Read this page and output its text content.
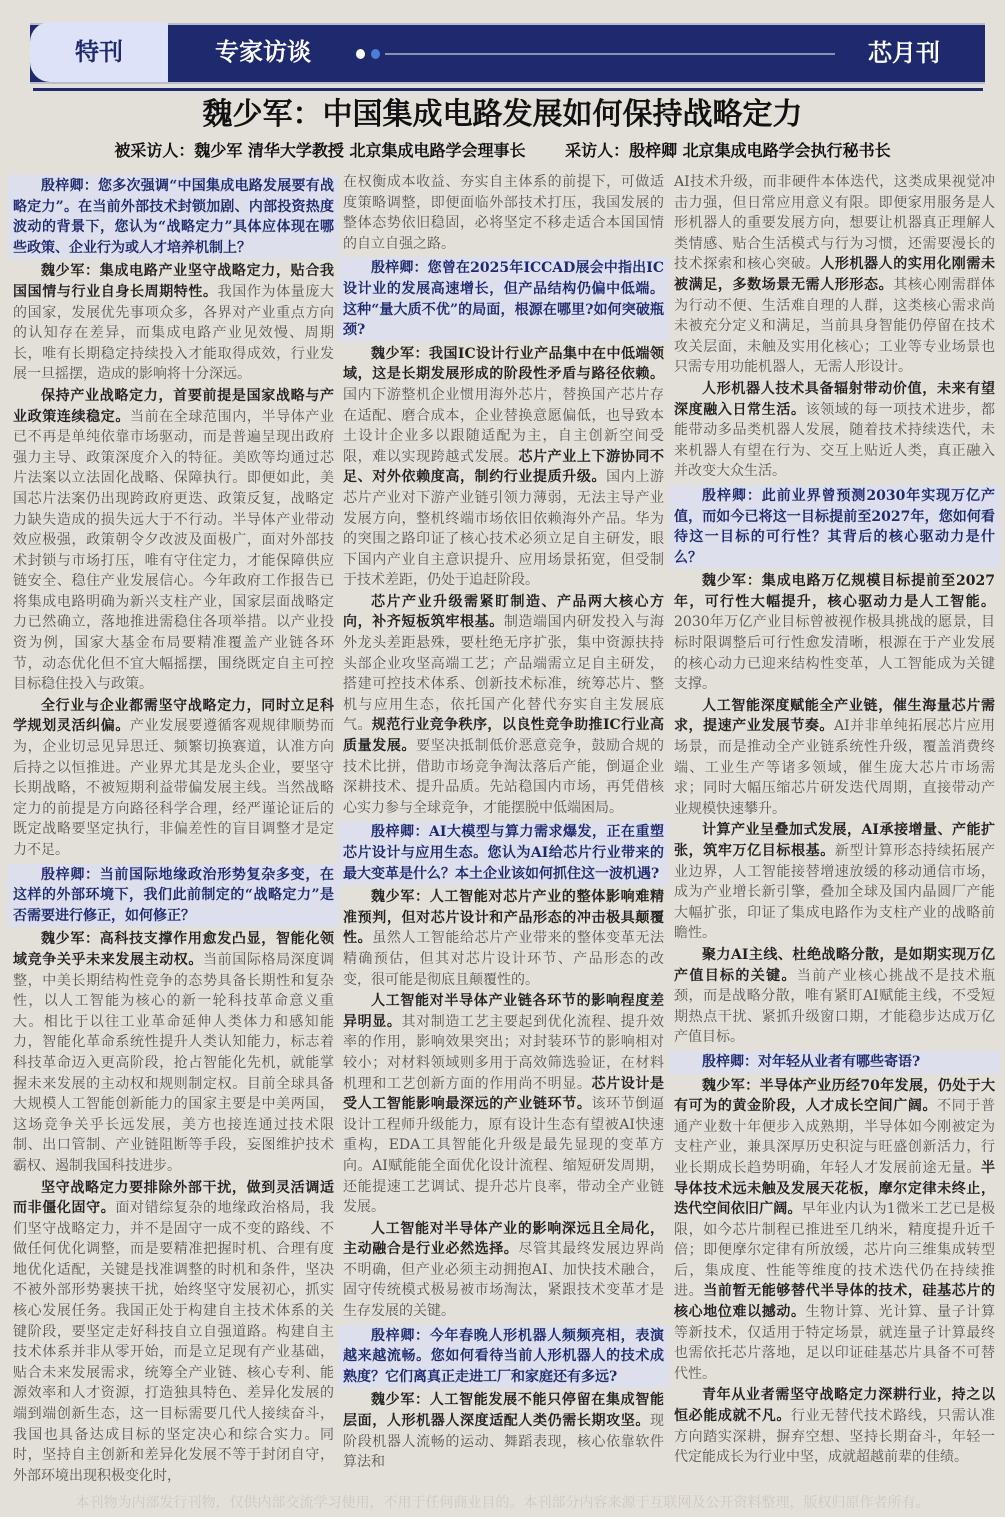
特刊	专家访谈	芯月刊
魏少军：中国集成电路发展如何保持战略定力
被采访人：魏少军 清华大学教授 北京集成电路学会理事长 采访人：殷梓卿 北京集成电路学会执行秘书长

殷梓卿：您多次强调“中国集成电路发展要有战略定力”。在当前外部技术封锁加剧、内部投资热度波动的背景下，您认为“战略定力”具体应体现在哪些政策、企业行为或人才培养机制上？

魏少军：集成电路产业坚守战略定力，贴合我国国情与行业自身长周期特性。我国作为体量庞大的国家，发展优先事项众多，各界对产业重点方向的认知存在差异，而集成电路产业见效慢、周期长，唯有长期稳定持续投入才能取得成效，行业发展一旦摇摆，造成的影响将十分深远。

保持产业战略定力，首要前提是国家战略与产业政策连续稳定。当前在全球范围内，半导体产业已不再是单纯依靠市场驱动，而是普遍呈现出政府强力主导、政策深度介入的特征。美欧等均通过芯片法案以立法固化战略、保障执行。即便如此，美国芯片法案仍出现跨政府更迭、政策反复，战略定力缺失造成的损失远大于不行动。半导体产业带动效应极强，政策朝令夕改波及面极广，面对外部技术封锁与市场打压，唯有守住定力，才能保障供应链安全、稳住产业发展信心。今年政府工作报告已将集成电路明确为新兴支柱产业，国家层面战略定力已然确立，落地推进需稳住各项举措。以产业投资为例，国家大基金布局要精准覆盖产业链各环节，动态优化但不宜大幅摇摆，围绕既定自主可控目标稳住投入与政策。

全行业与企业都需坚守战略定力，同时立足科学规划灵活纠偏。产业发展要遵循客观规律顺势而为，企业切忌见异思迁、频繁切换赛道，认准方向后持之以恒推进。产业界尤其是龙头企业，要坚守长期战略，不被短期利益带偏发展主线。当然战略定力的前提是方向路径科学合理，经严谨论证后的既定战略要坚定执行，非偏差性的盲目调整才是定力不足。

殷梓卿：当前国际地缘政治形势复杂多变，在这样的外部环境下，我们此前制定的“战略定力”是否需要进行修正，如何修正？

魏少军：高科技支撑作用愈发凸显，智能化领域竞争关乎未来发展主动权。当前国际格局深度调整，中美长期结构性竞争的态势具备长期性和复杂性，以人工智能为核心的新一轮科技革命意义重大。相比于以往工业革命延伸人类体力和感知能力，智能化革命系统性提升人类认知能力，标志着科技革命迈入更高阶段，抢占智能化先机，就能掌握未来发展的主动权和规则制定权。目前全球具备大规模人工智能创新能力的国家主要是中美两国，这场竞争关乎长远发展，美方也接连通过技术限制、出口管制、产业链阻断等手段，妄图维护技术霸权、遏制我国科技进步。

坚守战略定力要排除外部干扰，做到灵活调适而非僵化固守。面对错综复杂的地缘政治格局，我们坚守战略定力，并不是固守一成不变的路线、不做任何优化调整，而是要精准把握时机、合理有度地优化适配，关键是找准调整的时机和条件，坚决不被外部形势裹挟干扰，始终坚守发展初心，抓实核心发展任务。我国正处于构建自主技术体系的关键阶段，要坚定走好科技自立自强道路。构建自主技术体系并非从零开始，而是立足现有产业基础，贴合未来发展需求，统筹全产业链、核心专利、能源效率和人才资源，打造独具特色、差异化发展的端到端创新生态，这一目标需要几代人接续奋斗，我国也具备达成目标的坚定决心和综合实力。同时，坚持自主创新和差异化发展不等于封闭自守，外部环境出现积极变化时，

在权衡成本收益、夯实自主体系的前提下，可做适度策略调整，即便面临外部技术打压，我国发展的整体态势依旧稳固，必将坚定不移走适合本国国情的自立自强之路。

殷梓卿：您曾在2025年ICCAD展会中指出IC设计业的发展高速增长，但产品结构仍偏中低端。这种“量大质不优”的局面，根源在哪里?如何突破瓶颈?

魏少军：我国IC设计行业产品集中在中低端领域，这是长期发展形成的阶段性矛盾与路径依赖。国内下游整机企业惯用海外芯片，替换国产芯片存在适配、磨合成本，企业替换意愿偏低，也导致本土设计企业多以跟随适配为主，自主创新空间受限，难以实现跨越式发展。芯片产业上下游协同不足、对外依赖度高，制约行业提质升级。国内上游芯片产业对下游产业链引领力薄弱，无法主导产业发展方向，整机终端市场依旧依赖海外产品。华为的突围之路印证了核心技术必须立足自主研发，眼下国内产业自主意识提升、应用场景拓宽，但受制于技术差距，仍处于追赶阶段。

芯片产业升级需紧盯制造、产品两大核心方向，补齐短板筑牢根基。制造端国内研发投入与海外龙头差距悬殊，要杜绝无序扩张，集中资源扶持头部企业攻坚高端工艺；产品端需立足自主研发，搭建可控技术体系、创新技术标准，统筹芯片、整机与应用生态，依托国产化替代夯实自主发展底气。规范行业竞争秩序，以良性竞争助推IC行业高质量发展。要坚决抵制低价恶意竞争，鼓励合规的技术比拼，借助市场竞争淘汰落后产能，倒逼企业深耕技术、提升品质。先站稳国内市场，再凭借核心实力参与全球竞争，才能摆脱中低端困局。

殷梓卿：AI大模型与算力需求爆发，正在重塑芯片设计与应用生态。您认为AI给芯片行业带来的最大变革是什么？本土企业该如何抓住这一波机遇?

魏少军：人工智能对芯片产业的整体影响难精准预判，但对芯片设计和产品形态的冲击极具颠覆性。虽然人工智能给芯片产业带来的整体变革无法精确预估，但其对芯片设计环节、产品形态的改变，很可能是彻底且颠覆性的。

人工智能对半导体产业链各环节的影响程度差异明显。其对制造工艺主要起到优化流程、提升效率的作用，影响效果突出；对封装环节的影响相对较小；对材料领域则多用于高效筛选验证，在材料机理和工艺创新方面的作用尚不明显。芯片设计是受人工智能影响最深远的产业链环节。该环节倒逼设计工程师升级能力，原有设计生态有望被AI快速重构，EDA工具智能化升级是最先显现的变革方向。AI赋能能全面优化设计流程、缩短研发周期，还能提速工艺调试、提升芯片良率，带动全产业链发展。

人工智能对半导体产业的影响深远且全局化，主动融合是行业必然选择。尽管其最终发展边界尚不明确，但产业必须主动拥抱AI、加快技术融合，固守传统模式极易被市场淘汰，紧跟技术变革才是生存发展的关键。

殷梓卿：今年春晚人形机器人频频亮相，表演越来越流畅。您如何看待当前人形机器人的技术成熟度？它们离真正走进工厂和家庭还有多远?

魏少军：人工智能发展不能只停留在集成智能层面，人形机器人深度适配人类仍需长期攻坚。现阶段机器人流畅的运动、舞蹈表现，核心依靠软件算法和

AI技术升级，而非硬件本体迭代，这类成果视觉冲击力强，但日常应用意义有限。即便家用服务是人形机器人的重要发展方向，想要让机器真正理解人类情感、贴合生活模式与行为习惯，还需要漫长的技术探索和核心突破。人形机器人的实用化刚需未被满足，多数场景无需人形形态。其核心刚需群体为行动不便、生活难自理的人群，这类核心需求尚未被充分定义和满足，当前具身智能仍停留在技术攻关层面，未触及实用化核心；工业等专业场景也只需专用功能机器人，无需人形设计。

人形机器人技术具备辐射带动价值，未来有望深度融入日常生活。该领域的每一项技术进步，都能带动多品类机器人发展，随着技术持续迭代，未来机器人有望在行为、交互上贴近人类，真正融入并改变大众生活。

殷梓卿：此前业界曾预测2030年实现万亿产值，而如今已将这一目标提前至2027年，您如何看待这一目标的可行性？其背后的核心驱动力是什么？

魏少军：集成电路万亿规模目标提前至2027年，可行性大幅提升，核心驱动力是人工智能。2030年万亿产业目标曾被视作极具挑战的愿景，目标时限调整后可行性愈发清晰，根源在于产业发展的核心动力已迎来结构性变革，人工智能成为关键支撑。

人工智能深度赋能全产业链，催生海量芯片需求，提速产业发展节奏。AI并非单纯拓展芯片应用场景，而是推动全产业链系统性升级，覆盖消费终端、工业生产等诸多领域，催生庞大芯片市场需求；同时大幅压缩芯片研发迭代周期，直接带动产业规模快速攀升。

计算产业呈叠加式发展，AI承接增量、产能扩张，筑牢万亿目标根基。新型计算形态持续拓展产业边界，人工智能接替增速放缓的移动通信市场，成为产业增长新引擎，叠加全球及国内晶圆厂产能大幅扩张，印证了集成电路作为支柱产业的战略前瞻性。

聚力AI主线、杜绝战略分散，是如期实现万亿产值目标的关键。当前产业核心挑战不是技术瓶颈，而是战略分散，唯有紧盯AI赋能主线，不受短期热点干扰、紧抓升级窗口期，才能稳步达成万亿产值目标。

殷梓卿：对年轻从业者有哪些寄语?

魏少军：半导体产业历经70年发展，仍处于大有可为的黄金阶段，人才成长空间广阔。不同于普通产业数十年便步入成熟期，半导体如今刚被定为支柱产业，兼具深厚历史积淀与旺盛创新活力，行业长期成长趋势明确，年轻人才发展前途无量。半导体技术远未触及发展天花板，摩尔定律未终止，迭代空间依旧广阔。早年业内认为1微米工艺已是极限，如今芯片制程已推进至几纳米，精度提升近千倍；即便摩尔定律有所放缓，芯片向三维集成转型后，集成度、性能等维度的技术迭代仍在持续推进。当前暂无能够替代半导体的技术，硅基芯片的核心地位难以撼动。生物计算、光计算、量子计算等新技术，仅适用于特定场景，就连量子计算最终也需依托芯片落地，足以印证硅基芯片具备不可替代性。

青年从业者需坚守战略定力深耕行业，持之以恒必能成就不凡。行业无替代技术路线，只需认准方向踏实深耕，摒弃空想、坚持长期奋斗，年轻一代定能成长为行业中坚，成就超越前辈的佳绩。

本刊物为内部发行刊物，仅供内部交流学习使用，不用于任何商业目的。本刊部分内容来源于互联网及公开资料整理，版权归原作者所有。
